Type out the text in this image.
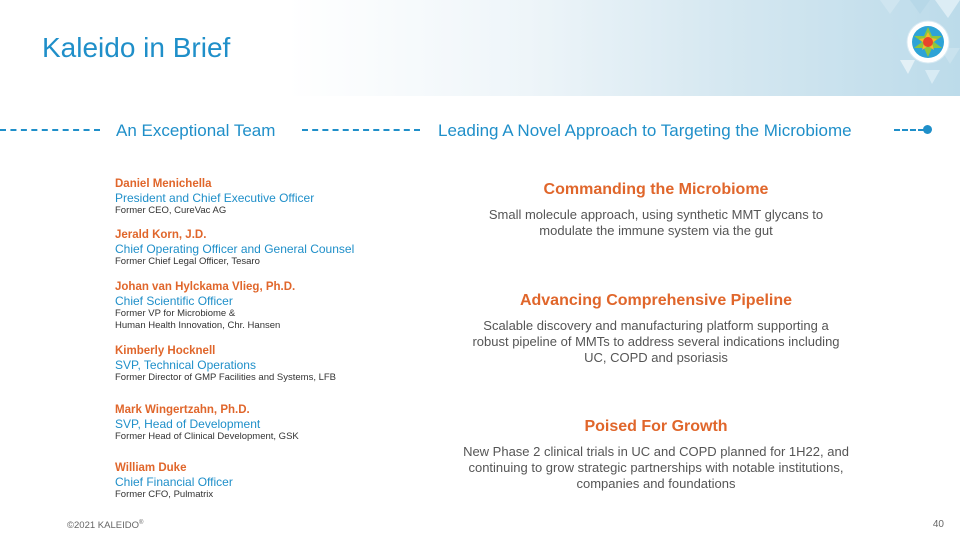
Kaleido in Brief
An Exceptional Team	Leading A Novel Approach to Targeting the Microbiome
Daniel Menichella
President and Chief Executive Officer
Former CEO, CureVac AG
Jerald Korn, J.D.
Chief Operating Officer and General Counsel
Former Chief Legal Officer, Tesaro
Johan van Hylckama Vlieg, Ph.D.
Chief Scientific Officer
Former VP for Microbiome &
Human Health Innovation, Chr. Hansen
Kimberly Hocknell
SVP, Technical Operations
Former Director of GMP Facilities and Systems, LFB
Mark Wingertzahn, Ph.D.
SVP, Head of Development
Former Head of Clinical Development, GSK
William Duke
Chief Financial Officer
Former CFO, Pulmatrix
Commanding the Microbiome
Small molecule approach, using synthetic MMT glycans to modulate the immune system via the gut
Advancing Comprehensive Pipeline
Scalable discovery and manufacturing platform supporting a robust pipeline of MMTs to address several indications including UC, COPD and psoriasis
Poised For Growth
New Phase 2 clinical trials in UC and COPD planned for 1H22, and continuing to grow strategic partnerships with notable institutions, companies and foundations
©2021 KALEIDO®	40
